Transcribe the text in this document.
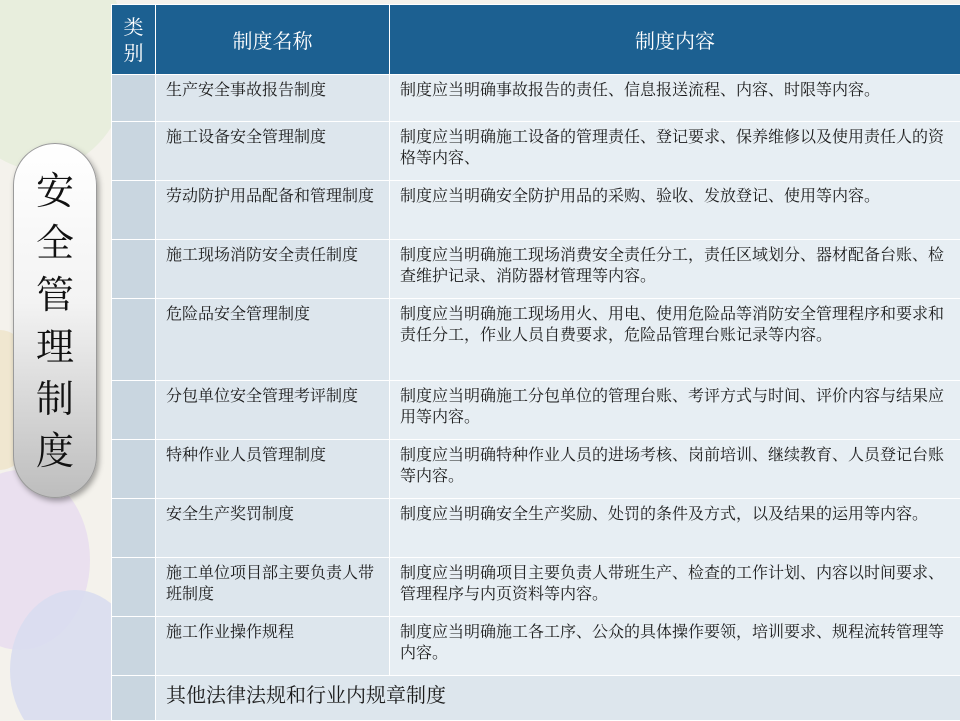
安
全
管
理
制
度
类
别	制度名称	制度内容
	生产安全事故报告制度	制度应当明确事故报告的责任、信息报送流程、内容、时限等内容。
	施工设备安全管理制度	制度应当明确施工设备的管理责任、登记要求、保养维修以及使用责任人的资格等内容、
	劳动防护用品配备和管理制度	制度应当明确安全防护用品的采购、验收、发放登记、使用等内容。
	施工现场消防安全责任制度	制度应当明确施工现场消费安全责任分工，责任区域划分、器材配备台账、检查维护记录、消防器材管理等内容。
	危险品安全管理制度	制度应当明确施工现场用火、用电、使用危险品等消防安全管理程序和要求和责任分工，作业人员自费要求，危险品管理台账记录等内容。
	分包单位安全管理考评制度	制度应当明确施工分包单位的管理台账、考评方式与时间、评价内容与结果应用等内容。
	特种作业人员管理制度	制度应当明确特种作业人员的进场考核、岗前培训、继续教育、人员登记台账等内容。
	安全生产奖罚制度	制度应当明确安全生产奖励、处罚的条件及方式，以及结果的运用等内容。
	施工单位项目部主要负责人带班制度	制度应当明确项目主要负责人带班生产、检查的工作计划、内容以时间要求、管理程序与内页资料等内容。
	施工作业操作规程	制度应当明确施工各工序、公众的具体操作要领，培训要求、规程流转管理等内容。
	其他法律法规和行业内规章制度	
